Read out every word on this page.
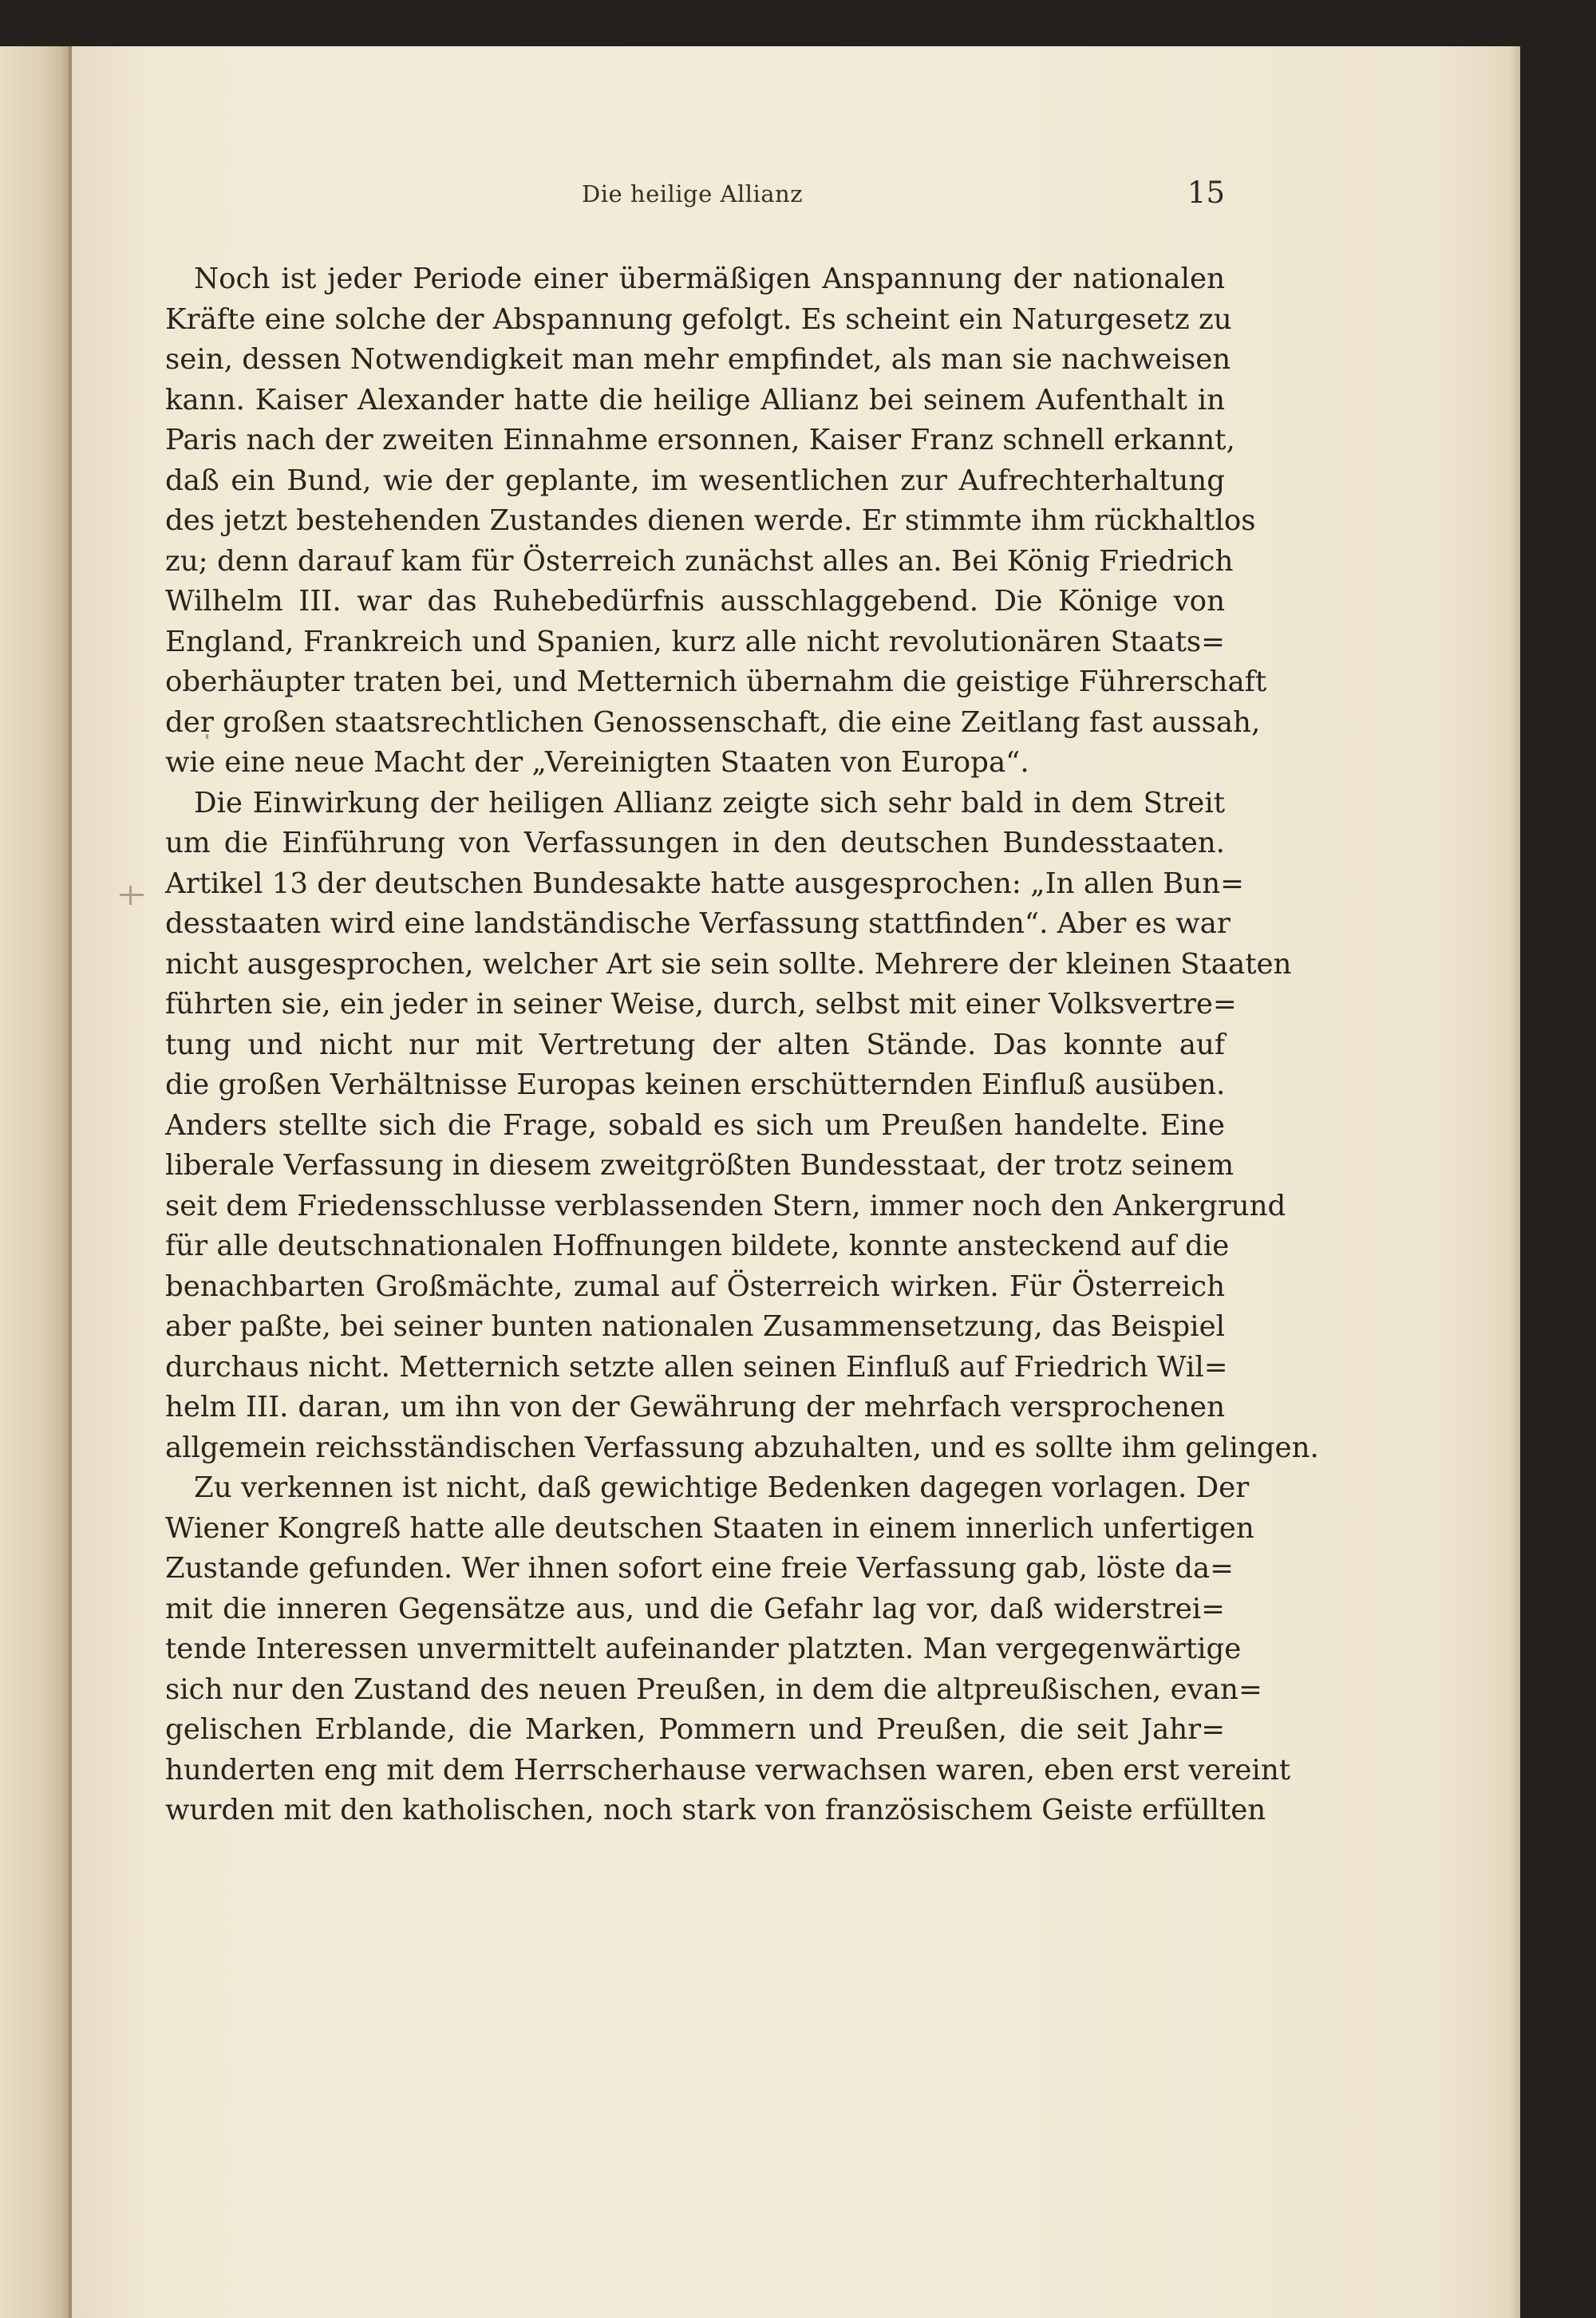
Die heilige Allianz	15
Noch ist jeder Periode einer übermäßigen Anspannung der nationalen
Kräfte eine solche der Abspannung gefolgt. Es scheint ein Naturgesetz zu
sein, dessen Notwendigkeit man mehr empfindet, als man sie nachweisen
kann. Kaiser Alexander hatte die heilige Allianz bei seinem Aufenthalt in
Paris nach der zweiten Einnahme ersonnen, Kaiser Franz schnell erkannt,
daß ein Bund, wie der geplante, im wesentlichen zur Aufrechterhaltung
des jetzt bestehenden Zustandes dienen werde. Er stimmte ihm rückhaltlos
zu; denn darauf kam für Österreich zunächst alles an. Bei König Friedrich
Wilhelm III. war das Ruhebedürfnis ausschlaggebend. Die Könige von
England, Frankreich und Spanien, kurz alle nicht revolutionären Staats=
oberhäupter traten bei, und Metternich übernahm die geistige Führerschaft
der großen staatsrechtlichen Genossenschaft, die eine Zeitlang fast aussah,
wie eine neue Macht der „Vereinigten Staaten von Europa“.
Die Einwirkung der heiligen Allianz zeigte sich sehr bald in dem Streit
um die Einführung von Verfassungen in den deutschen Bundesstaaten.
Artikel 13 der deutschen Bundesakte hatte ausgesprochen: „In allen Bun=
desstaaten wird eine landständische Verfassung stattfinden“. Aber es war
nicht ausgesprochen, welcher Art sie sein sollte. Mehrere der kleinen Staaten
führten sie, ein jeder in seiner Weise, durch, selbst mit einer Volksvertre=
tung und nicht nur mit Vertretung der alten Stände. Das konnte auf
die großen Verhältnisse Europas keinen erschütternden Einfluß ausüben.
Anders stellte sich die Frage, sobald es sich um Preußen handelte. Eine
liberale Verfassung in diesem zweitgrößten Bundesstaat, der trotz seinem
seit dem Friedensschlusse verblassenden Stern, immer noch den Ankergrund
für alle deutschnationalen Hoffnungen bildete, konnte ansteckend auf die
benachbarten Großmächte, zumal auf Österreich wirken. Für Österreich
aber paßte, bei seiner bunten nationalen Zusammensetzung, das Beispiel
durchaus nicht. Metternich setzte allen seinen Einfluß auf Friedrich Wil=
helm III. daran, um ihn von der Gewährung der mehrfach versprochenen
allgemein reichsständischen Verfassung abzuhalten, und es sollte ihm gelingen.
Zu verkennen ist nicht, daß gewichtige Bedenken dagegen vorlagen. Der
Wiener Kongreß hatte alle deutschen Staaten in einem innerlich unfertigen
Zustande gefunden. Wer ihnen sofort eine freie Verfassung gab, löste da=
mit die inneren Gegensätze aus, und die Gefahr lag vor, daß widerstrei=
tende Interessen unvermittelt aufeinander platzten. Man vergegenwärtige
sich nur den Zustand des neuen Preußen, in dem die altpreußischen, evan=
gelischen Erblande, die Marken, Pommern und Preußen, die seit Jahr=
hunderten eng mit dem Herrscherhause verwachsen waren, eben erst vereint
wurden mit den katholischen, noch stark von französischem Geiste erfüllten
